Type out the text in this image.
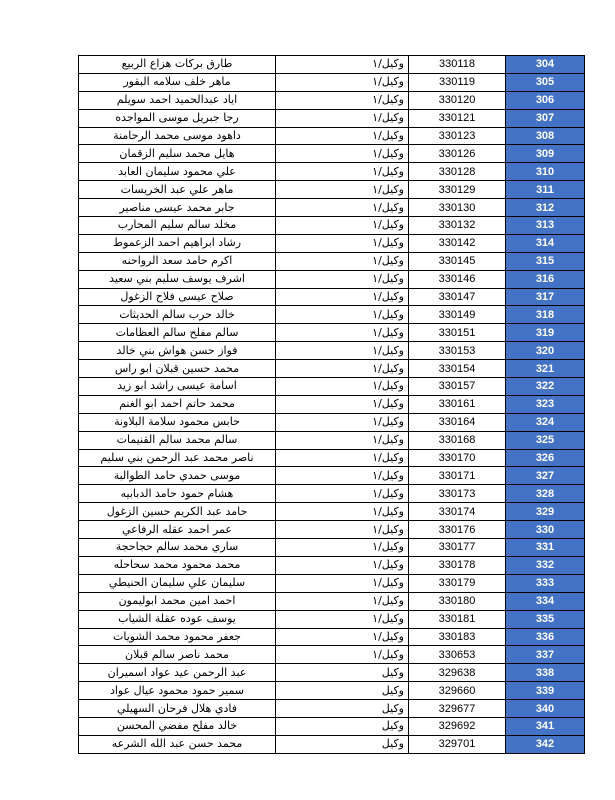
304	330118	وكيل/١	طارق بركات هزاع الربيع
305	330119	وكيل/١	ماهر خلف سلامه البقور
306	330120	وكيل/١	اياد عبدالحميد احمد سويلم
307	330121	وكيل/١	رجا جبريل موسى المواجده
308	330123	وكيل/١	داهود موسى محمد الرحامنة
309	330126	وكيل/١	هايل محمد سليم الزقمان
310	330128	وكيل/١	علي محمود سليمان العابد
311	330129	وكيل/١	ماهر علي عبد الخريسات
312	330130	وكيل/١	جابر محمد عيسى مناصير
313	330132	وكيل/١	مخلد سالم سليم المحارب
314	330142	وكيل/١	رشاد ابراهيم احمد الزعموط
315	330145	وكيل/١	اكرم حامد سعد الرواحنه
316	330146	وكيل/١	اشرف يوسف سليم بني سعيد
317	330147	وكيل/١	صلاح عيسى فلاح الزغول
318	330149	وكيل/١	خالد حرب سالم الحديثات
319	330151	وكيل/١	سالم مفلح سالم العظامات
320	330153	وكيل/١	فواز حسن هواش بني خالد
321	330154	وكيل/١	محمد حسين قبلان ابو راس
322	330157	وكيل/١	اسامة عيسى راشد ابو زيد
323	330161	وكيل/١	محمد حاتم احمد ابو الغنم
324	330164	وكيل/١	حابس محمود سلامة البلاونة
325	330168	وكيل/١	سالم محمد سالم القنيمات
326	330170	وكيل/١	ناصر محمد عبد الرحمن بني سليم
327	330171	وكيل/١	موسى حمدي حامد الطوالبة
328	330173	وكيل/١	هشام حمود حامد الدبابيه
329	330174	وكيل/١	حامد عبد الكريم حسين الزغول
330	330176	وكيل/١	عمر احمد عقله الرفاعي
331	330177	وكيل/١	ساري محمد سالم حجاحجة
332	330178	وكيل/١	محمد محمود محمد سحاحله
333	330179	وكيل/١	سليمان علي سليمان الحنيطي
334	330180	وكيل/١	احمد امين محمد ابوليمون
335	330181	وكيل/١	يوسف عوده عقلة الشياب
336	330183	وكيل/١	جعفر محمود محمد الشويات
337	330653	وكيل/١	محمد ناصر سالم قبلان
338	329638	وكيل	عبد الرحمن عيد عواد اسميران
339	329660	وكيل	سمير حمود محمود عيال عواد
340	329677	وكيل	فادي هلال فرحان السهيلي
341	329692	وكيل	خالد مفلح مفضي المحسن
342	329701	وكيل	محمد حسن عبد الله الشرعه
